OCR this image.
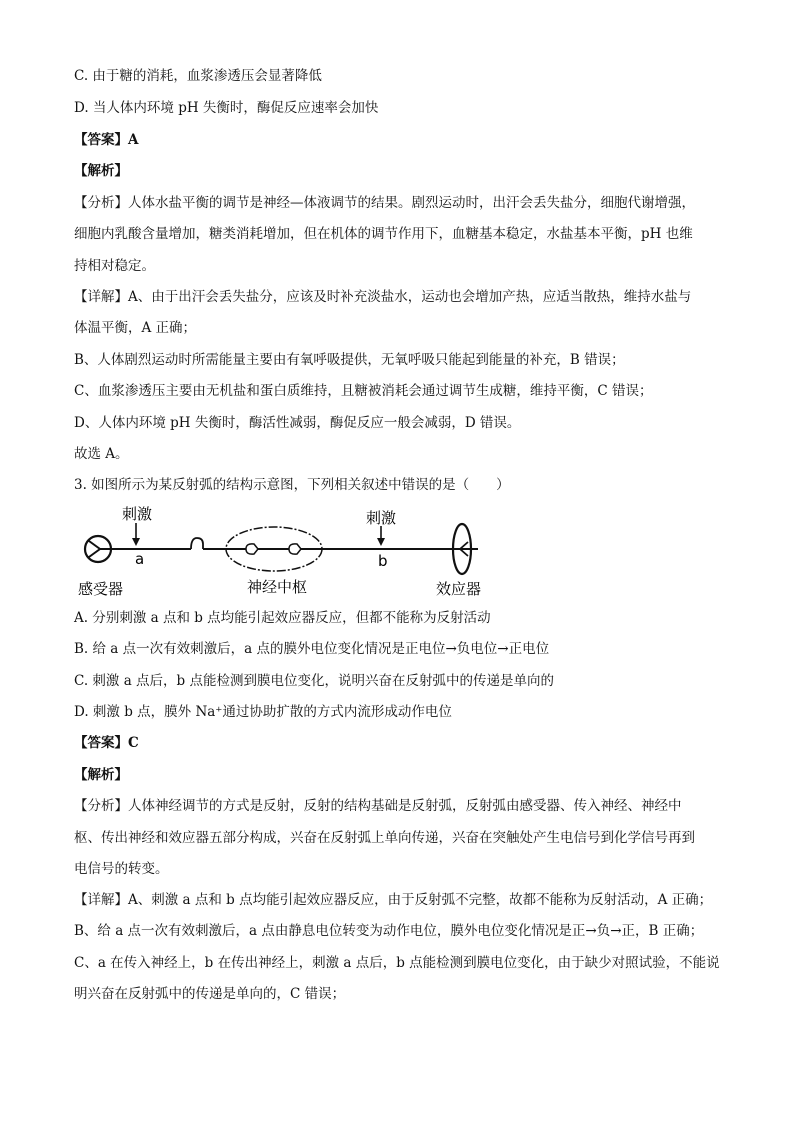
C. 由于糖的消耗，血浆渗透压会显著降低
D. 当人体内环境 pH 失衡时，酶促反应速率会加快
【答案】A
【解析】
【分析】人体水盐平衡的调节是神经—体液调节的结果。剧烈运动时，出汗会丢失盐分，细胞代谢增强，
细胞内乳酸含量增加，糖类消耗增加，但在机体的调节作用下，血糖基本稳定，水盐基本平衡，pH 也维
持相对稳定。
【详解】A、由于出汗会丢失盐分，应该及时补充淡盐水，运动也会增加产热，应适当散热，维持水盐与
体温平衡，A 正确；
B、人体剧烈运动时所需能量主要由有氧呼吸提供，无氧呼吸只能起到能量的补充，B 错误；
C、血浆渗透压主要由无机盐和蛋白质维持，且糖被消耗会通过调节生成糖，维持平衡，C 错误；
D、人体内环境 pH 失衡时，酶活性减弱，酶促反应一般会减弱，D 错误。
故选 A。
3. 如图所示为某反射弧的结构示意图，下列相关叙述中错误的是（　　）
刺激	刺激
a	b
感受器	神经中枢	效应器
A. 分别刺激 a 点和 b 点均能引起效应器反应，但都不能称为反射活动
B. 给 a 点一次有效刺激后，a 点的膜外电位变化情况是正电位→负电位→正电位
C. 刺激 a 点后，b 点能检测到膜电位变化，说明兴奋在反射弧中的传递是单向的
D. 刺激 b 点，膜外 Na⁺通过协助扩散的方式内流形成动作电位
【答案】C
【解析】
【分析】人体神经调节的方式是反射，反射的结构基础是反射弧，反射弧由感受器、传入神经、神经中
枢、传出神经和效应器五部分构成，兴奋在反射弧上单向传递，兴奋在突触处产生电信号到化学信号再到
电信号的转变。
【详解】A、刺激 a 点和 b 点均能引起效应器反应，由于反射弧不完整，故都不能称为反射活动，A 正确；
B、给 a 点一次有效刺激后，a 点由静息电位转变为动作电位，膜外电位变化情况是正→负→正，B 正确；
C、a 在传入神经上，b 在传出神经上，刺激 a 点后，b 点能检测到膜电位变化，由于缺少对照试验，不能说
明兴奋在反射弧中的传递是单向的，C 错误；
